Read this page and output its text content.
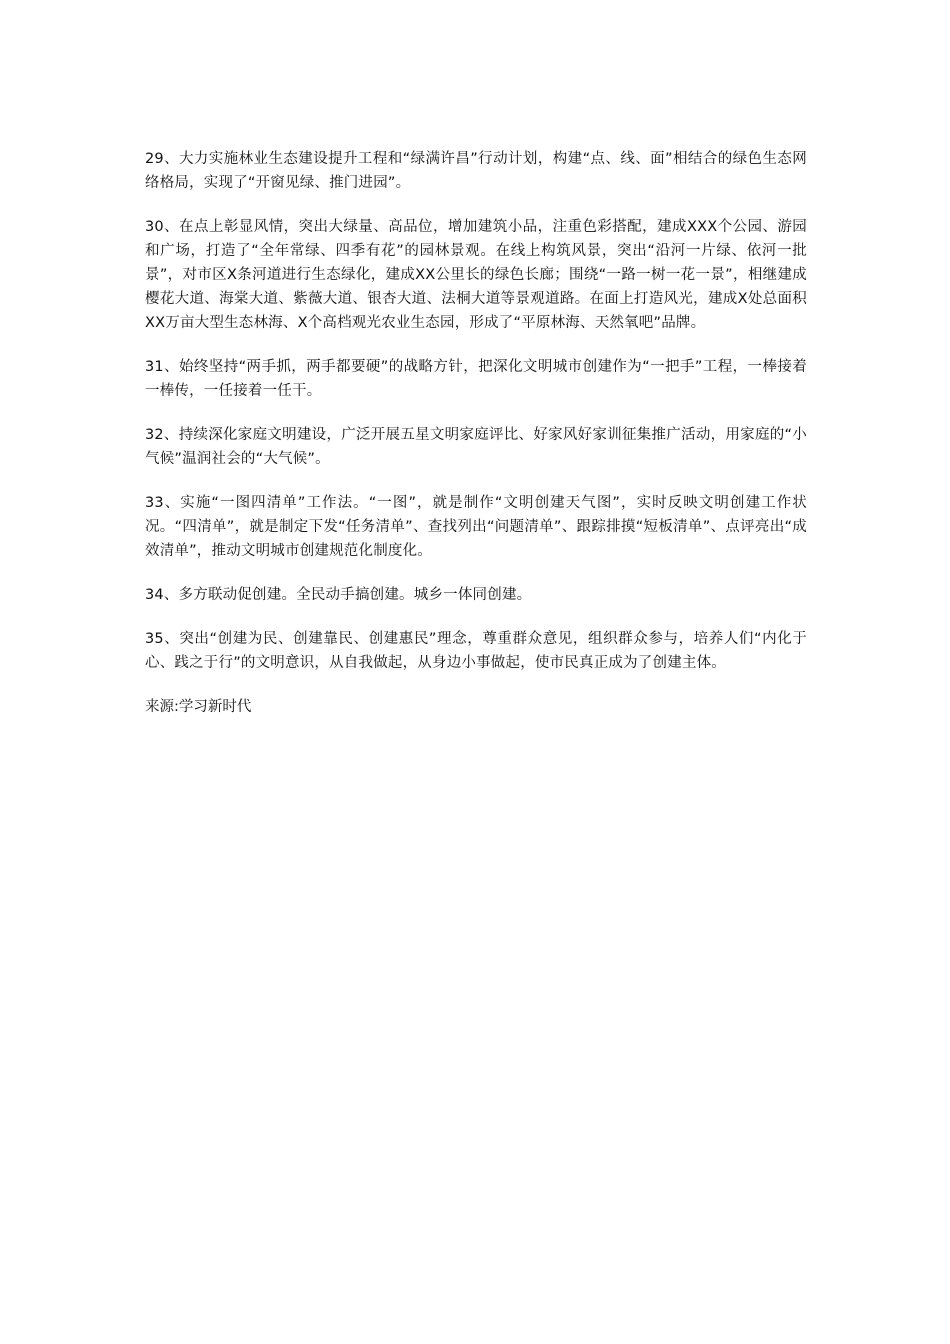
29、大力实施林业生态建设提升工程和“绿满许昌”行动计划，构建“点、线、面”相结合的绿色生态网络格局，实现了“开窗见绿、推门进园”。

30、在点上彰显风情，突出大绿量、高品位，增加建筑小品，注重色彩搭配，建成XXX个公园、游园和广场，打造了“全年常绿、四季有花”的园林景观。在线上构筑风景，突出“沿河一片绿、依河一批景”，对市区X条河道进行生态绿化，建成XX公里长的绿色长廊；围绕“一路一树一花一景”，相继建成樱花大道、海棠大道、紫薇大道、银杏大道、法桐大道等景观道路。在面上打造风光，建成X处总面积XX万亩大型生态林海、X个高档观光农业生态园，形成了“平原林海、天然氧吧”品牌。

31、始终坚持“两手抓，两手都要硬”的战略方针，把深化文明城市创建作为“一把手”工程，一棒接着一棒传，一任接着一任干。

32、持续深化家庭文明建设，广泛开展五星文明家庭评比、好家风好家训征集推广活动，用家庭的“小气候”温润社会的“大气候”。

33、实施“一图四清单”工作法。“一图”，就是制作“文明创建天气图”，实时反映文明创建工作状况。“四清单”，就是制定下发“任务清单”、查找列出“问题清单”、跟踪排摸“短板清单”、点评亮出“成效清单”，推动文明城市创建规范化制度化。

34、多方联动促创建。全民动手搞创建。城乡一体同创建。

35、突出“创建为民、创建靠民、创建惠民”理念，尊重群众意见，组织群众参与，培养人们“内化于心、践之于行”的文明意识，从自我做起，从身边小事做起，使市民真正成为了创建主体。

来源:学习新时代
